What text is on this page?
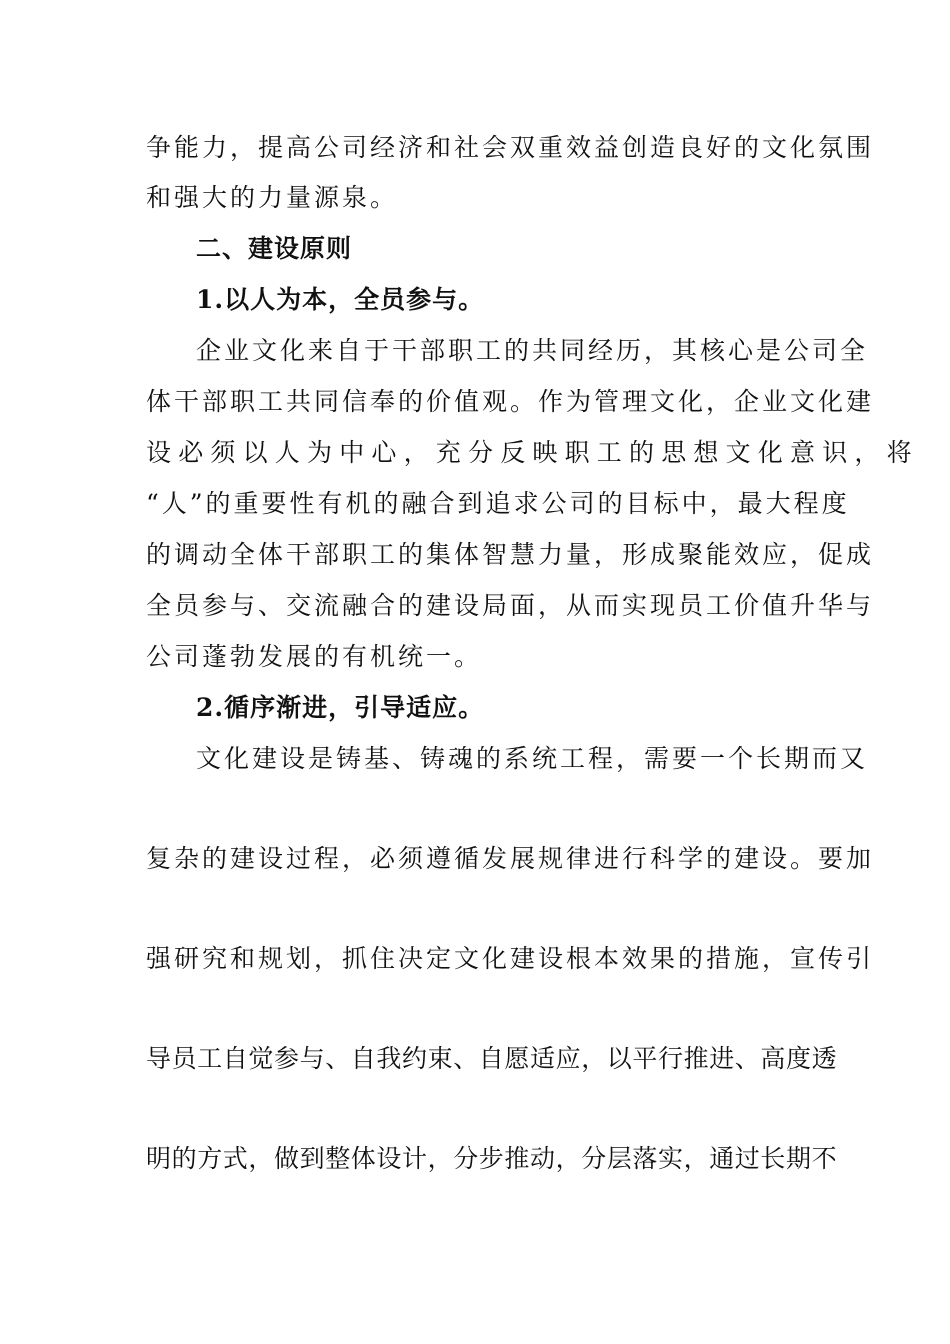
争能力，提高公司经济和社会双重效益创造良好的文化氛围
和强大的力量源泉。
二、建设原则
1.以人为本，全员参与。
企业文化来自于干部职工的共同经历，其核心是公司全
体干部职工共同信奉的价值观。作为管理文化，企业文化建
设必须以人为中心，充分反映职工的思想文化意识，将
“人”的重要性有机的融合到追求公司的目标中，最大程度
的调动全体干部职工的集体智慧力量，形成聚能效应，促成
全员参与、交流融合的建设局面，从而实现员工价值升华与
公司蓬勃发展的有机统一。
2.循序渐进，引导适应。
文化建设是铸基、铸魂的系统工程，需要一个长期而又
复杂的建设过程，必须遵循发展规律进行科学的建设。要加
强研究和规划，抓住决定文化建设根本效果的措施，宣传引
导员工自觉参与、自我约束、自愿适应，以平行推进、高度透
明的方式，做到整体设计，分步推动，分层落实，通过长期不
